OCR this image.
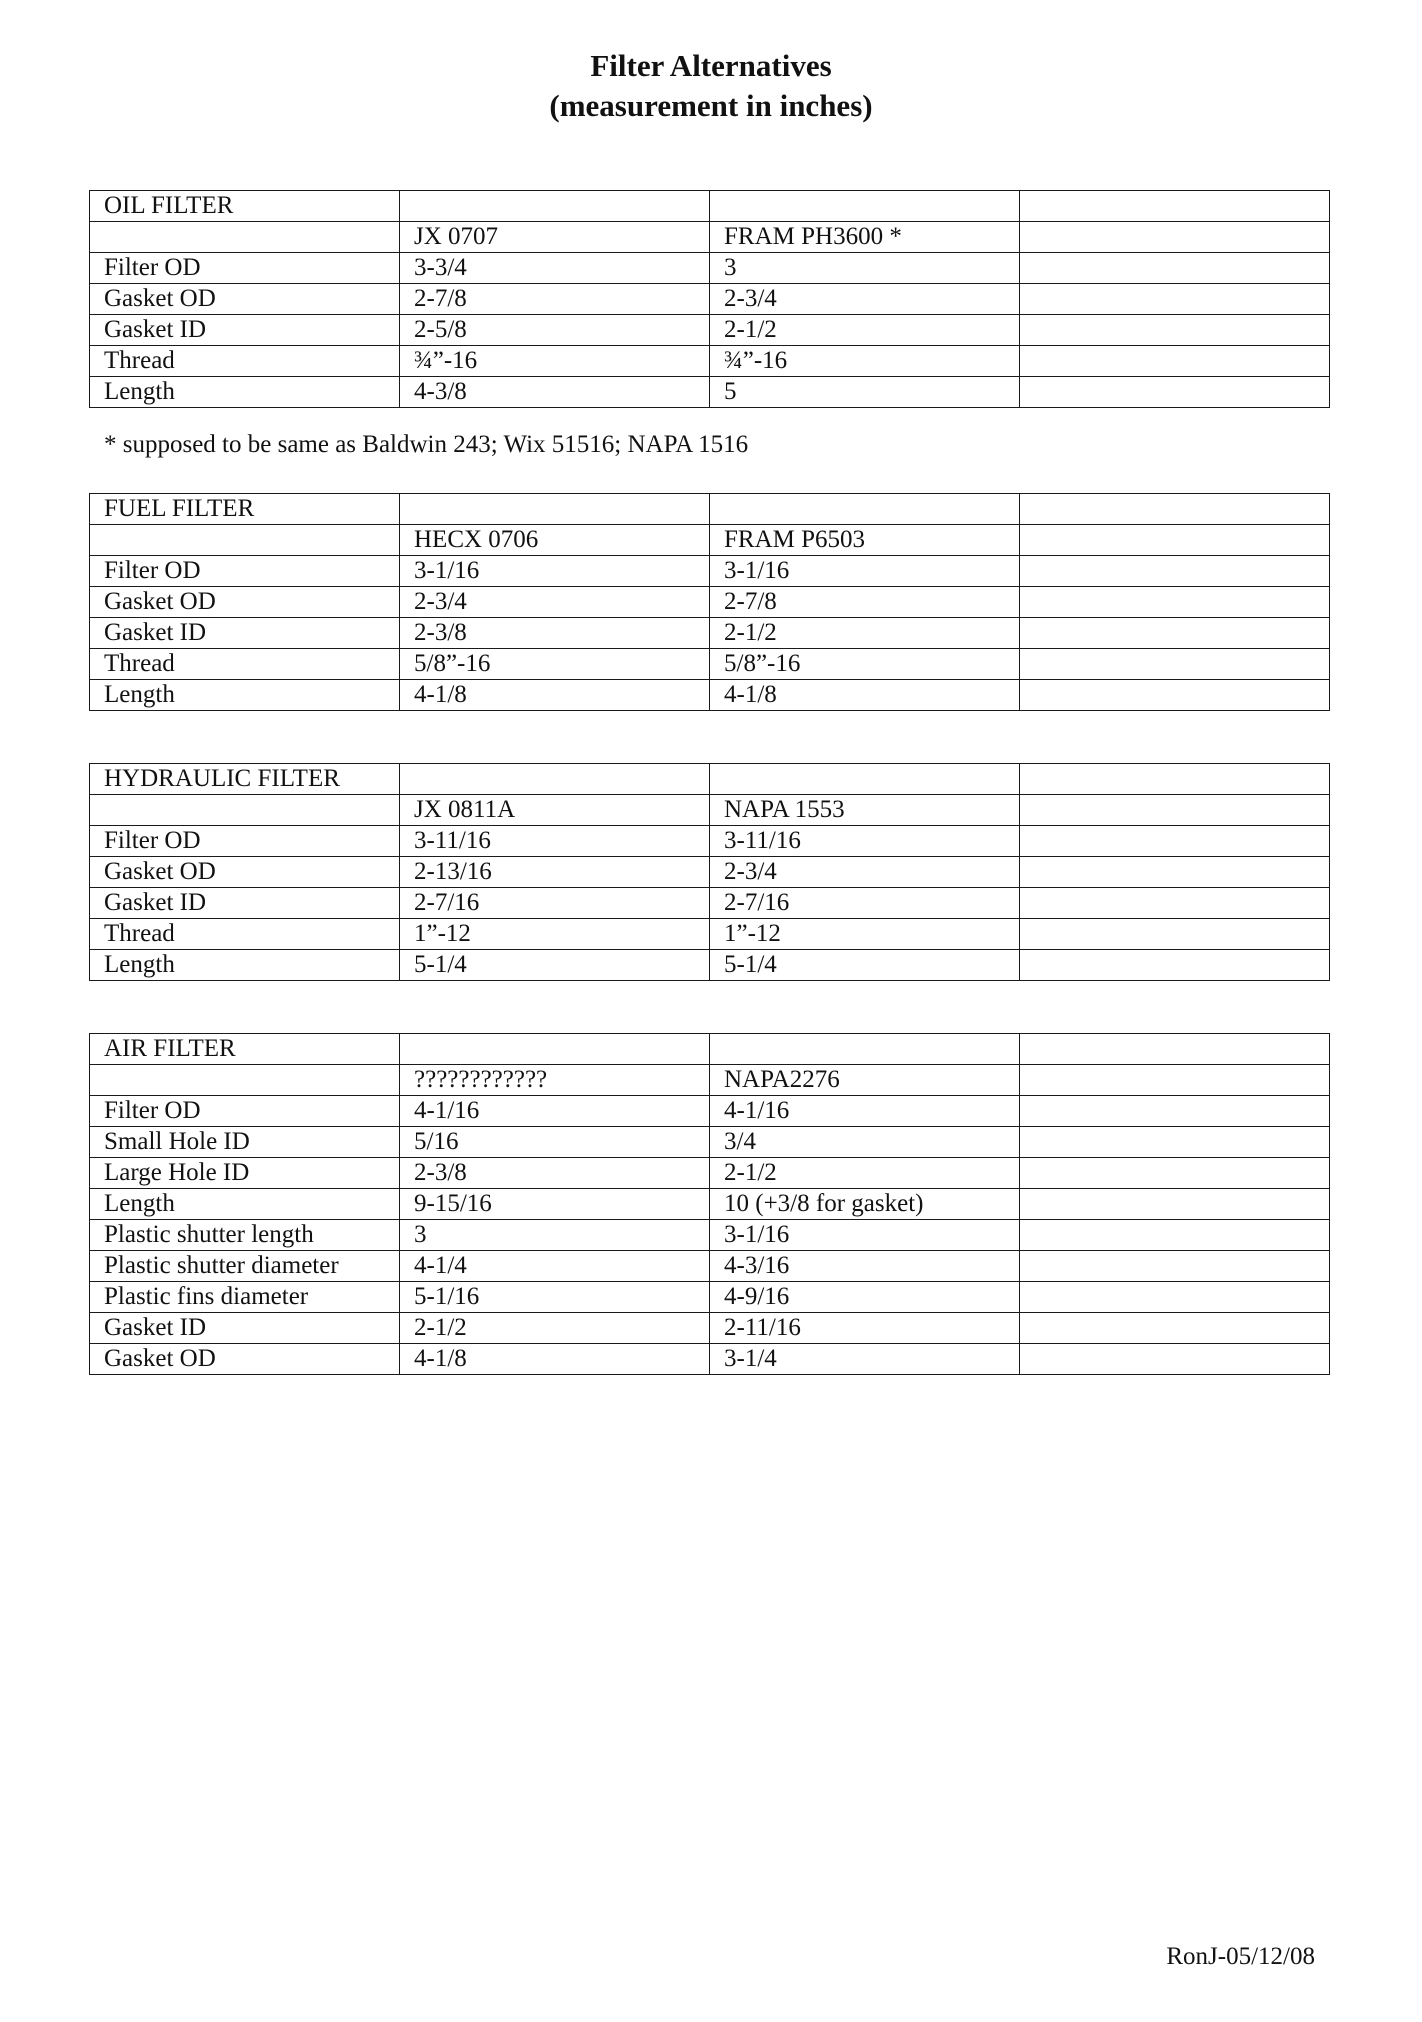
Filter Alternatives
(measurement in inches)
OIL FILTER			
	JX 0707	FRAM PH3600 *	
Filter OD	3-3/4	3	
Gasket OD	2-7/8	2-3/4	
Gasket ID	2-5/8	2-1/2	
Thread	¾”-16	¾”-16	
Length	4-3/8	5	
* supposed to be same as Baldwin 243; Wix 51516; NAPA 1516
FUEL FILTER			
	HECX 0706	FRAM P6503	
Filter OD	3-1/16	3-1/16	
Gasket OD	2-3/4	2-7/8	
Gasket ID	2-3/8	2-1/2	
Thread	5/8”-16	5/8”-16	
Length	4-1/8	4-1/8	
HYDRAULIC FILTER			
	JX 0811A	NAPA 1553	
Filter OD	3-11/16	3-11/16	
Gasket OD	2-13/16	2-3/4	
Gasket ID	2-7/16	2-7/16	
Thread	1”-12	1”-12	
Length	5-1/4	5-1/4	
AIR FILTER			
	????????????	NAPA2276	
Filter OD	4-1/16	4-1/16	
Small Hole ID	5/16	3/4	
Large Hole ID	2-3/8	2-1/2	
Length	9-15/16	10 (+3/8 for gasket)	
Plastic shutter length	3	3-1/16	
Plastic shutter diameter	4-1/4	4-3/16	
Plastic fins diameter	5-1/16	4-9/16	
Gasket ID	2-1/2	2-11/16	
Gasket OD	4-1/8	3-1/4	
RonJ-05/12/08
